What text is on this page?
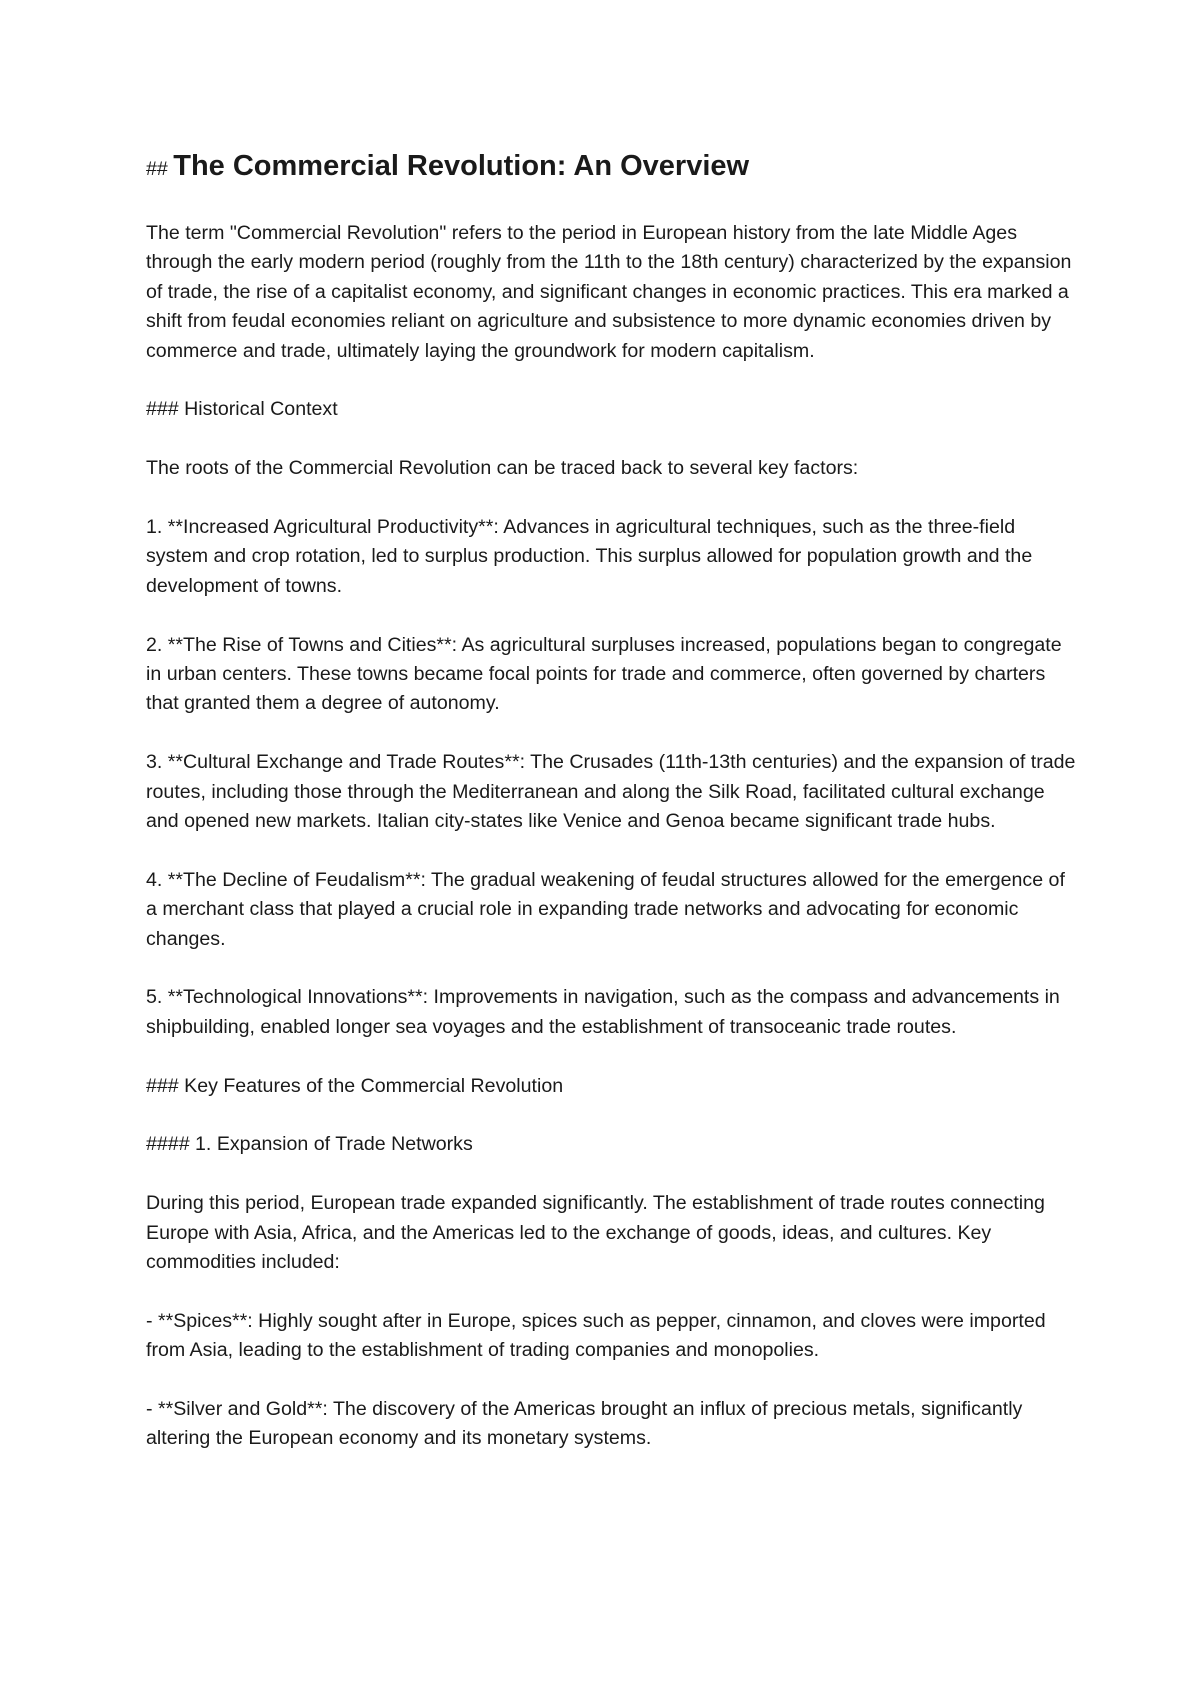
## The Commercial Revolution: An Overview

The term "Commercial Revolution" refers to the period in European history from the late Middle Ages through the early modern period (roughly from the 11th to the 18th century) characterized by the expansion of trade, the rise of a capitalist economy, and significant changes in economic practices. This era marked a shift from feudal economies reliant on agriculture and subsistence to more dynamic economies driven by commerce and trade, ultimately laying the groundwork for modern capitalism.

### Historical Context

The roots of the Commercial Revolution can be traced back to several key factors:

1. **Increased Agricultural Productivity**: Advances in agricultural techniques, such as the three-field system and crop rotation, led to surplus production. This surplus allowed for population growth and the development of towns.

2. **The Rise of Towns and Cities**: As agricultural surpluses increased, populations began to congregate in urban centers. These towns became focal points for trade and commerce, often governed by charters that granted them a degree of autonomy.

3. **Cultural Exchange and Trade Routes**: The Crusades (11th-13th centuries) and the expansion of trade routes, including those through the Mediterranean and along the Silk Road, facilitated cultural exchange and opened new markets. Italian city-states like Venice and Genoa became significant trade hubs.

4. **The Decline of Feudalism**: The gradual weakening of feudal structures allowed for the emergence of a merchant class that played a crucial role in expanding trade networks and advocating for economic changes.

5. **Technological Innovations**: Improvements in navigation, such as the compass and advancements in shipbuilding, enabled longer sea voyages and the establishment of transoceanic trade routes.

### Key Features of the Commercial Revolution

#### 1. Expansion of Trade Networks

During this period, European trade expanded significantly. The establishment of trade routes connecting Europe with Asia, Africa, and the Americas led to the exchange of goods, ideas, and cultures. Key commodities included:

- **Spices**: Highly sought after in Europe, spices such as pepper, cinnamon, and cloves were imported from Asia, leading to the establishment of trading companies and monopolies.

- **Silver and Gold**: The discovery of the Americas brought an influx of precious metals, significantly altering the European economy and its monetary systems.
